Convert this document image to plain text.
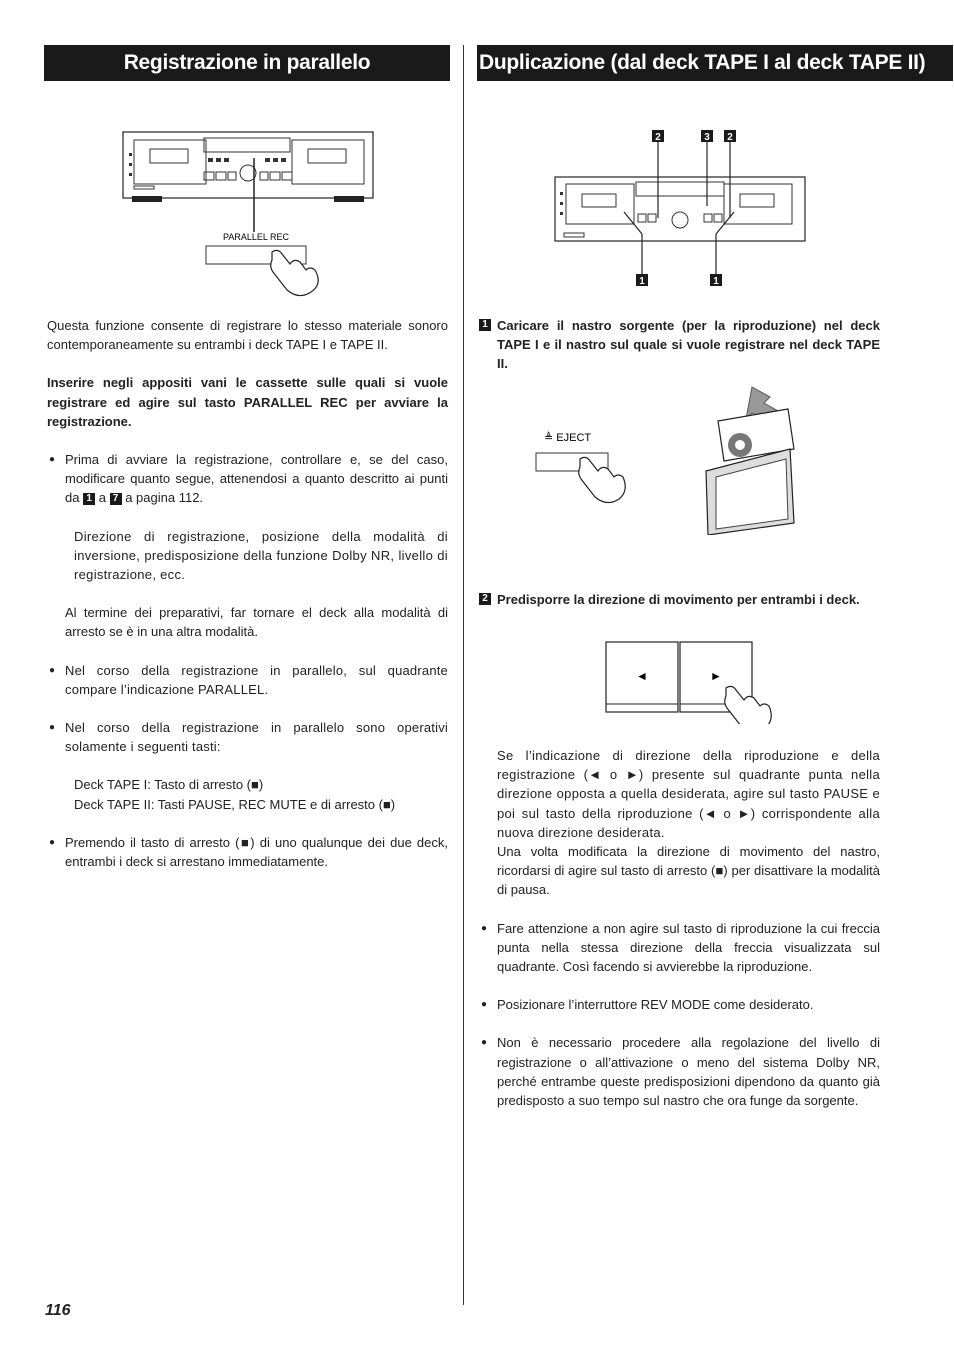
Registrazione in parallelo	Duplicazione (dal deck TAPE I al deck TAPE II)
PARALLEL REC

Questa funzione consente di registrare lo stesso materiale sonoro contemporaneamente su entrambi i deck TAPE I e TAPE II.

Inserire negli appositi vani le cassette sulle quali si vuole registrare ed agire sul tasto PARALLEL REC per avviare la registrazione.

● Prima di avviare la registrazione, controllare e, se del caso, modificare quanto segue, attenendosi a quanto descritto ai punti da 1 a 7 a pagina 112.

Direzione di registrazione, posizione della modalità di inversione, predisposizione della funzione Dolby NR, livello di registrazione, ecc.

Al termine dei preparativi, far tornare el deck alla modalità di arresto se è in una altra modalità.

● Nel corso della registrazione in parallelo, sul quadrante compare l’indicazione PARALLEL.

● Nel corso della registrazione in parallelo sono operativi solamente i seguenti tasti:

Deck TAPE I: Tasto di arresto (■)

Deck TAPE II: Tasti PAUSE, REC MUTE e di arresto (■)

● Premendo il tasto di arresto (■) di uno qualunque dei due deck, entrambi i deck si arrestano immediatamente.

2	3 2
1	1
1 Caricare il nastro sorgente (per la riproduzione) nel deck TAPE I e il nastro sul quale si vuole registrare nel deck TAPE II.
≜ EJECT
2 Predisporre la direzione di movimento per entrambi i deck.
◄	►

Se l’indicazione di direzione della riproduzione e della registrazione (◄ o ►) presente sul quadrante punta nella direzione opposta a quella desiderata, agire sul tasto PAUSE e poi sul tasto della riproduzione (◄ o ►) corrispondente alla nuova direzione desiderata.

Una volta modificata la direzione di movimento del nastro, ricordarsi di agire sul tasto di arresto (■) per disattivare la modalità di pausa.

● Fare attenzione a non agire sul tasto di riproduzione la cui freccia punta nella stessa direzione della freccia visualizzata sul quadrante. Così facendo si avvierebbe la riproduzione.

● Posizionare l’interruttore REV MODE come desiderato.

● Non è necessario procedere alla regolazione del livello di registrazione o all’attivazione o meno del sistema Dolby NR, perché entrambe queste predisposizioni dipendono da quanto già predisposto a suo tempo sul nastro che ora funge da sorgente.

116
